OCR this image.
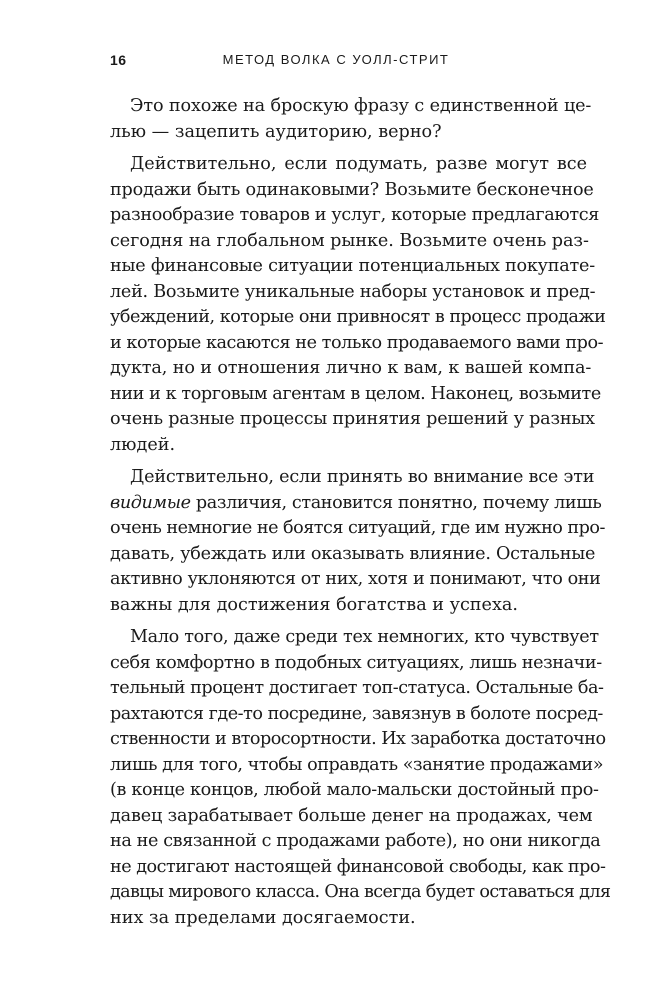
16	МЕТОД ВОЛКА С УОЛЛ-СТРИТ

Это похоже на броскую фразу с единственной це-
лью — зацепить аудиторию, верно?

Действительно, если подумать, разве могут все
продажи быть одинаковыми? Возьмите бесконечное
разнообразие товаров и услуг, которые предлагаются
сегодня на глобальном рынке. Возьмите очень раз-
ные финансовые ситуации потенциальных покупате-
лей. Возьмите уникальные наборы установок и пред-
убеждений, которые они привносят в процесс продажи
и которые касаются не только продаваемого вами про-
дукта, но и отношения лично к вам, к вашей компа-
нии и к торговым агентам в целом. Наконец, возьмите
очень разные процессы принятия решений у разных
людей.

Действительно, если принять во внимание все эти
видимые различия, становится понятно, почему лишь
очень немногие не боятся ситуаций, где им нужно про-
давать, убеждать или оказывать влияние. Остальные
активно уклоняются от них, хотя и понимают, что они
важны для достижения богатства и успеха.

Мало того, даже среди тех немногих, кто чувствует
себя комфортно в подобных ситуациях, лишь незначи-
тельный процент достигает топ-статуса. Остальные ба-
рахтаются где-то посредине, завязнув в болоте посред-
ственности и второсортности. Их заработка достаточно
лишь для того, чтобы оправдать «занятие продажами»
(в конце концов, любой мало-мальски достойный про-
давец зарабатывает больше денег на продажах, чем
на не связанной с продажами работе), но они никогда
не достигают настоящей финансовой свободы, как про-
давцы мирового класса. Она всегда будет оставаться для
них за пределами досягаемости.
